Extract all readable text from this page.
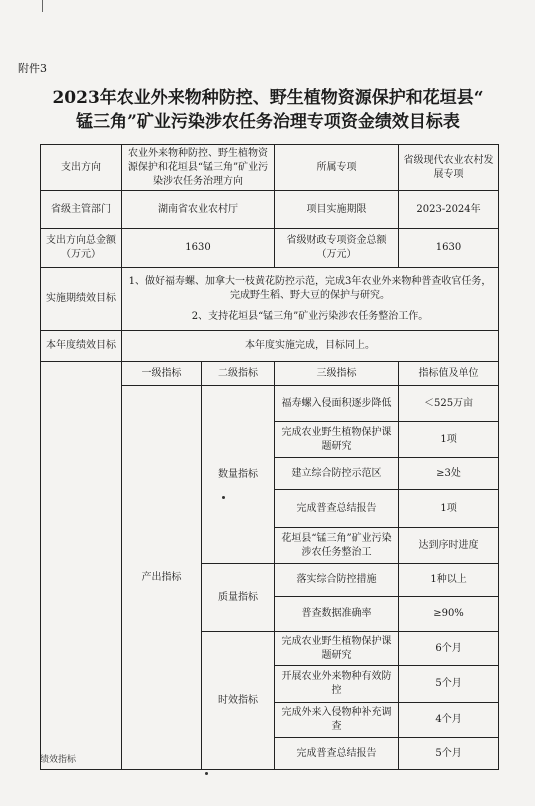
附件3
2023年农业外来物种防控、野生植物资源保护和花垣县“
锰三角”矿业污染涉农任务治理专项资金绩效目标表
支出方向	农业外来物种防控、野生植物资源保护和花垣县“锰三角”矿业污染涉农任务治理方向		所属专项	省级现代农业农村发展专项
省级主管部门	湖南省农业农村厅		项目实施期限	2023-2024年
支出方向总金额（万元）	1630		省级财政专项资金总额（万元）	1630
实施期绩效目标	1、做好福寿螺、加拿大一枝黄花防控示范，完成3年农业外来物种普查收官任务，完成野生稻、野大豆的保护与研究。

2、支持花垣县“锰三角”矿业污染涉农任务整治工作。			

本年度绩效目标	本年度实施完成，目标同上。			
	一级指标	二级指标	三级指标	指标值及单位
	产出指标	数量指标	福寿螺入侵面积逐步降低	＜525万亩
			完成农业野生植物保护课题研究	1项
			建立综合防控示范区	≥3处
			完成普查总结报告	1项
			花垣县“锰三角”矿业污染涉农任务整治工	达到序时进度
		质量指标	落实综合防控措施	1种以上
			普查数据准确率	≥90%
		时效指标	完成农业野生植物保护课题研究	6个月
			开展农业外来物种有效防控	5个月
			完成外来入侵物种补充调查	4个月
			完成普查总结报告	5个月
绩效指标
